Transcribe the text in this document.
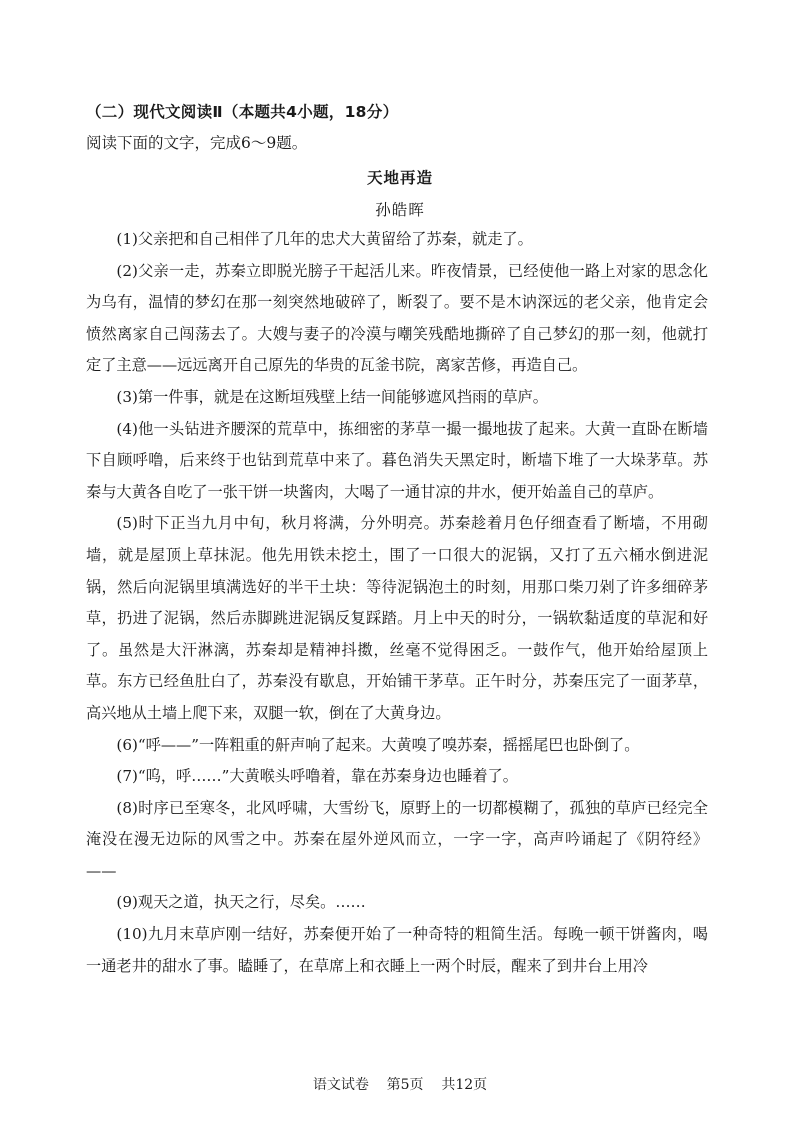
（二）现代文阅读Ⅱ（本题共4小题，18分）
阅读下面的文字，完成6～9题。
天地再造
孙皓晖

(1)父亲把和自己相伴了几年的忠犬大黄留给了苏秦，就走了。

(2)父亲一走，苏秦立即脱光膀子干起活儿来。昨夜情景，已经使他一路上对家的思念化为乌有，温情的梦幻在那一刻突然地破碎了，断裂了。要不是木讷深远的老父亲，他肯定会愤然离家自己闯荡去了。大嫂与妻子的冷漠与嘲笑残酷地撕碎了自己梦幻的那一刻，他就打定了主意——远远离开自己原先的华贵的瓦釜书院，离家苦修，再造自己。

(3)第一件事，就是在这断垣残壁上结一间能够遮风挡雨的草庐。

(4)他一头钻进齐腰深的荒草中，拣细密的茅草一撮一撮地拔了起来。大黄一直卧在断墙下自顾呼噜，后来终于也钻到荒草中来了。暮色消失天黑定时，断墙下堆了一大垛茅草。苏秦与大黄各自吃了一张干饼一块酱肉，大喝了一通甘凉的井水，便开始盖自己的草庐。

(5)时下正当九月中旬，秋月将满，分外明亮。苏秦趁着月色仔细查看了断墙，不用砌墙，就是屋顶上草抹泥。他先用铁未挖土，围了一口很大的泥锅，又打了五六桶水倒进泥锅，然后向泥锅里填满选好的半干土块：等待泥锅泡土的时刻，用那口柴刀剁了许多细碎茅草，扔进了泥锅，然后赤脚跳进泥锅反复踩踏。月上中天的时分，一锅软黏适度的草泥和好了。虽然是大汗淋漓，苏秦却是精神抖擞，丝毫不觉得困乏。一鼓作气，他开始给屋顶上草。东方已经鱼肚白了，苏秦没有歇息，开始铺干茅草。正午时分，苏秦压完了一面茅草，高兴地从土墙上爬下来，双腿一软，倒在了大黄身边。

(6)“呼——”一阵粗重的鼾声响了起来。大黄嗅了嗅苏秦，摇摇尾巴也卧倒了。

(7)“呜，呼……”大黄喉头呼噜着，靠在苏秦身边也睡着了。

(8)时序已至寒冬，北风呼啸，大雪纷飞，原野上的一切都模糊了，孤独的草庐已经完全淹没在漫无边际的风雪之中。苏秦在屋外逆风而立，一字一字，高声吟诵起了《阴符经》——

(9)观天之道，执天之行，尽矣。……

(10)九月末草庐刚一结好，苏秦便开始了一种奇特的粗简生活。每晚一顿干饼酱肉，喝一通老井的甜水了事。瞌睡了，在草席上和衣睡上一两个时辰，醒来了到井台上用冷

语文试卷    第5页    共12页
